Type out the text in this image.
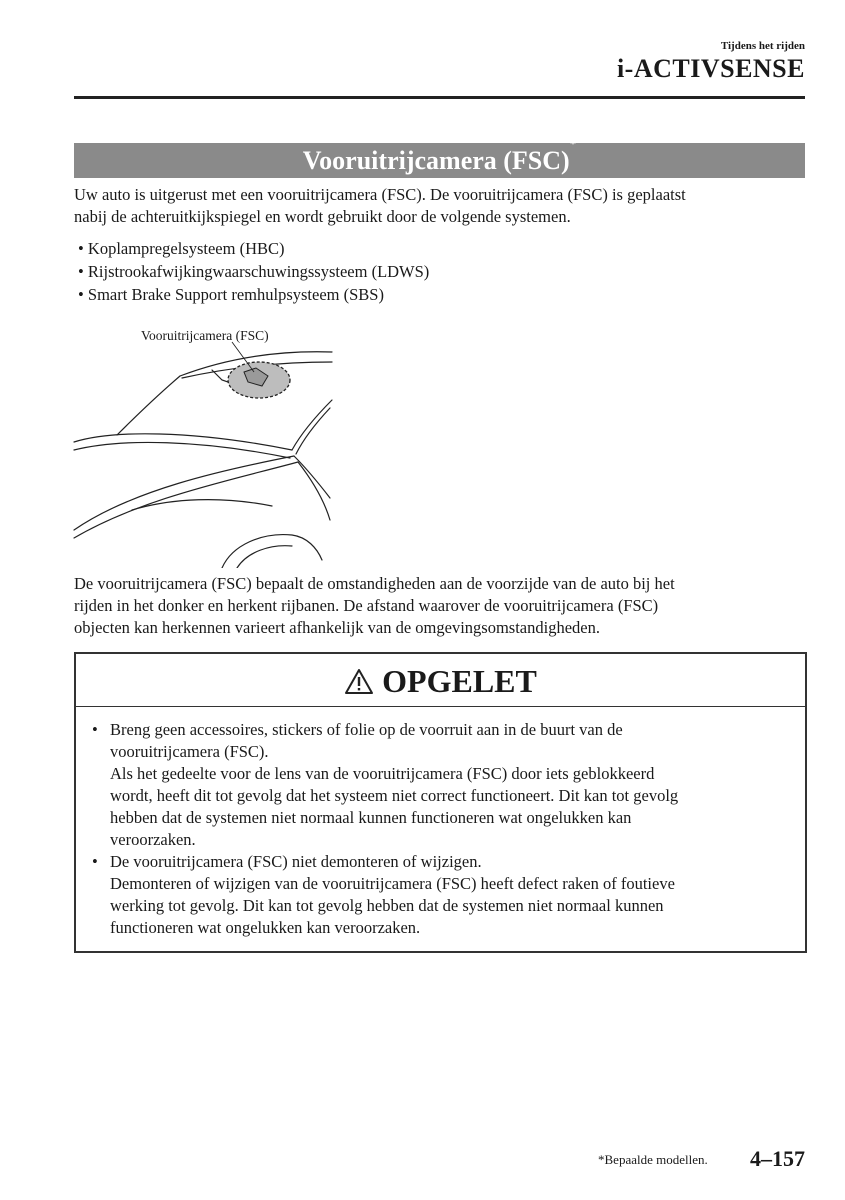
Tijdens het rijden
i-ACTIVSENSE
Vooruitrijcamera (FSC)*
Uw auto is uitgerust met een vooruitrijcamera (FSC). De vooruitrijcamera (FSC) is geplaatst
nabij de achteruitkijkspiegel en wordt gebruikt door de volgende systemen.
• Koplampregelsysteem (HBC)
• Rijstrookafwijkingwaarschuwingssysteem (LDWS)
• Smart Brake Support remhulpsysteem (SBS)
Vooruitrijcamera (FSC)
De vooruitrijcamera (FSC) bepaalt de omstandigheden aan de voorzijde van de auto bij het
rijden in het donker en herkent rijbanen. De afstand waarover de vooruitrijcamera (FSC)
objecten kan herkennen varieert afhankelijk van de omgevingsomstandigheden.
OPGELET
• Breng geen accessoires, stickers of folie op de voorruit aan in de buurt van de
vooruitrijcamera (FSC).
Als het gedeelte voor de lens van de vooruitrijcamera (FSC) door iets geblokkeerd
wordt, heeft dit tot gevolg dat het systeem niet correct functioneert. Dit kan tot gevolg
hebben dat de systemen niet normaal kunnen functioneren wat ongelukken kan
veroorzaken.
• De vooruitrijcamera (FSC) niet demonteren of wijzigen.
Demonteren of wijzigen van de vooruitrijcamera (FSC) heeft defect raken of foutieve
werking tot gevolg. Dit kan tot gevolg hebben dat de systemen niet normaal kunnen
functioneren wat ongelukken kan veroorzaken.
*Bepaalde modellen. 4–157
